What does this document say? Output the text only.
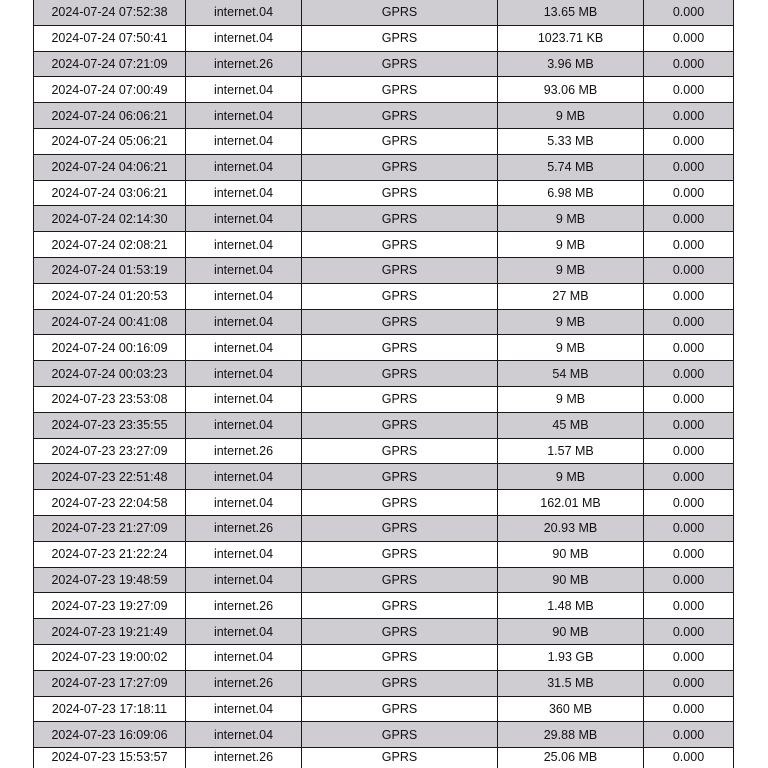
2024-07-24 07:52:38	internet.04	GPRS	13.65 MB	0.000
2024-07-24 07:50:41	internet.04	GPRS	1023.71 KB	0.000
2024-07-24 07:21:09	internet.26	GPRS	3.96 MB	0.000
2024-07-24 07:00:49	internet.04	GPRS	93.06 MB	0.000
2024-07-24 06:06:21	internet.04	GPRS	9 MB	0.000
2024-07-24 05:06:21	internet.04	GPRS	5.33 MB	0.000
2024-07-24 04:06:21	internet.04	GPRS	5.74 MB	0.000
2024-07-24 03:06:21	internet.04	GPRS	6.98 MB	0.000
2024-07-24 02:14:30	internet.04	GPRS	9 MB	0.000
2024-07-24 02:08:21	internet.04	GPRS	9 MB	0.000
2024-07-24 01:53:19	internet.04	GPRS	9 MB	0.000
2024-07-24 01:20:53	internet.04	GPRS	27 MB	0.000
2024-07-24 00:41:08	internet.04	GPRS	9 MB	0.000
2024-07-24 00:16:09	internet.04	GPRS	9 MB	0.000
2024-07-24 00:03:23	internet.04	GPRS	54 MB	0.000
2024-07-23 23:53:08	internet.04	GPRS	9 MB	0.000
2024-07-23 23:35:55	internet.04	GPRS	45 MB	0.000
2024-07-23 23:27:09	internet.26	GPRS	1.57 MB	0.000
2024-07-23 22:51:48	internet.04	GPRS	9 MB	0.000
2024-07-23 22:04:58	internet.04	GPRS	162.01 MB	0.000
2024-07-23 21:27:09	internet.26	GPRS	20.93 MB	0.000
2024-07-23 21:22:24	internet.04	GPRS	90 MB	0.000
2024-07-23 19:48:59	internet.04	GPRS	90 MB	0.000
2024-07-23 19:27:09	internet.26	GPRS	1.48 MB	0.000
2024-07-23 19:21:49	internet.04	GPRS	90 MB	0.000
2024-07-23 19:00:02	internet.04	GPRS	1.93 GB	0.000
2024-07-23 17:27:09	internet.26	GPRS	31.5 MB	0.000
2024-07-23 17:18:11	internet.04	GPRS	360 MB	0.000
2024-07-23 16:09:06	internet.04	GPRS	29.88 MB	0.000
2024-07-23 15:53:57	internet.26	GPRS	25.06 MB	0.000
